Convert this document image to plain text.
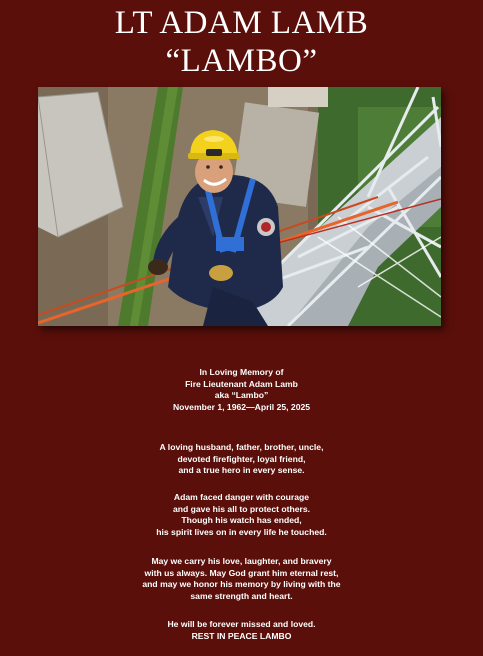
LT ADAM LAMB
“LAMBO”
In Loving Memory of
Fire Lieutenant Adam Lamb
aka “Lambo”
November 1, 1962—April 25, 2025
A loving husband, father, brother, uncle,
devoted firefighter, loyal friend,
and a true hero in every sense.
Adam faced danger with courage
and gave his all to protect others.
Though his watch has ended,
his spirit lives on in every life he touched.
May we carry his love, laughter, and bravery
with us always. May God grant him eternal rest,
and may we honor his memory by living with the
same strength and heart.
He will be forever missed and loved.
REST IN PEACE LAMBO
